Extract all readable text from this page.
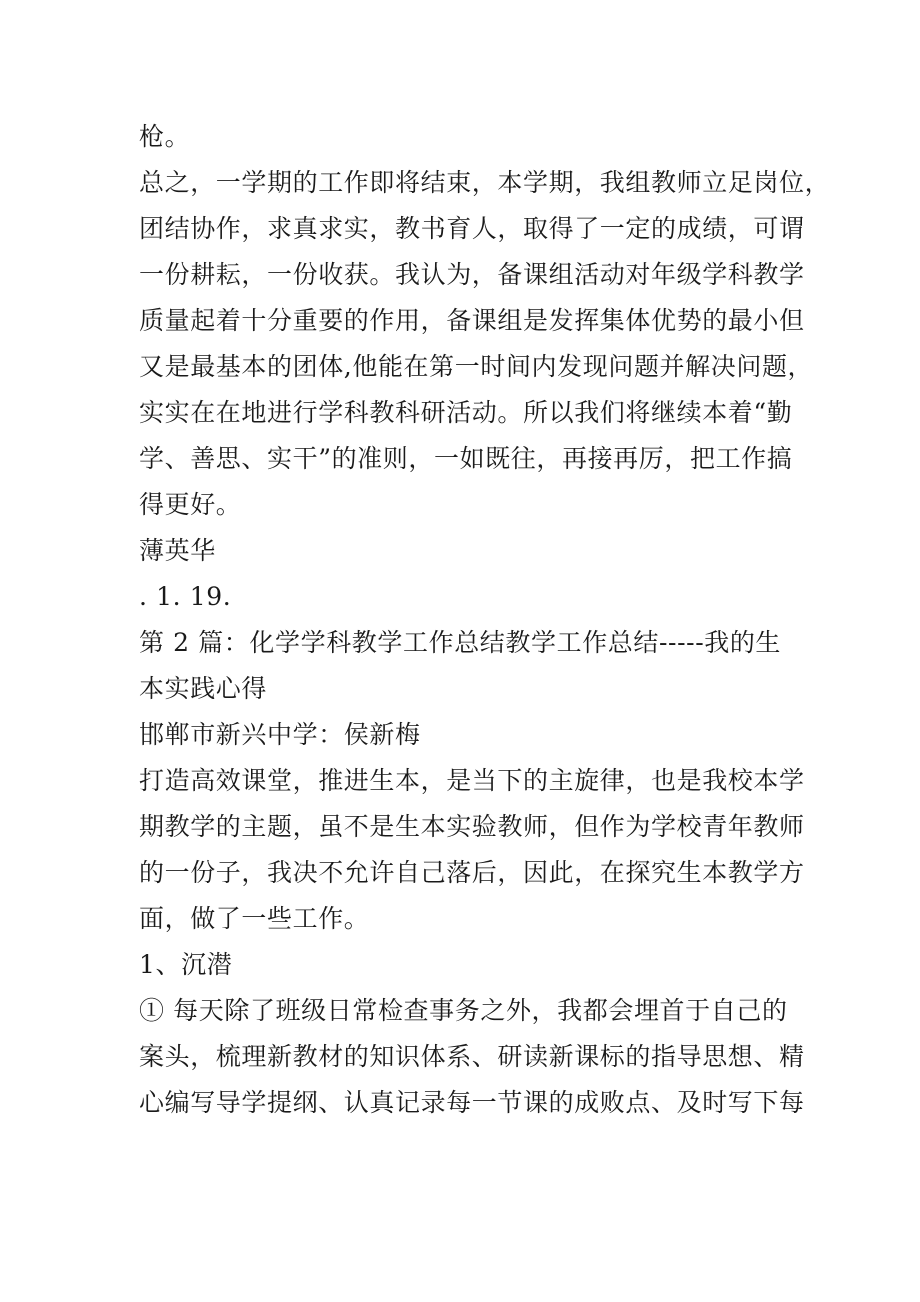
枪。
总之，一学期的工作即将结束，本学期，我组教师立足岗位，
团结协作，求真求实，教书育人，取得了一定的成绩，可谓
一份耕耘，一份收获。我认为，备课组活动对年级学科教学
质量起着十分重要的作用，备课组是发挥集体优势的最小但
又是最基本的团体,他能在第一时间内发现问题并解决问题，
实实在在地进行学科教科研活动。所以我们将继续本着“勤
学、善思、实干”的准则，一如既往，再接再厉，把工作搞
得更好。
薄英华
. 1. 19.
第 2 篇：化学学科教学工作总结教学工作总结-----我的生
本实践心得
邯郸市新兴中学：侯新梅
打造高效课堂，推进生本，是当下的主旋律，也是我校本学
期教学的主题，虽不是生本实验教师，但作为学校青年教师
的一份子，我决不允许自己落后，因此，在探究生本教学方
面，做了一些工作。
1、沉潜
① 每天除了班级日常检查事务之外，我都会埋首于自己的
案头，梳理新教材的知识体系、研读新课标的指导思想、精
心编写导学提纲、认真记录每一节课的成败点、及时写下每
